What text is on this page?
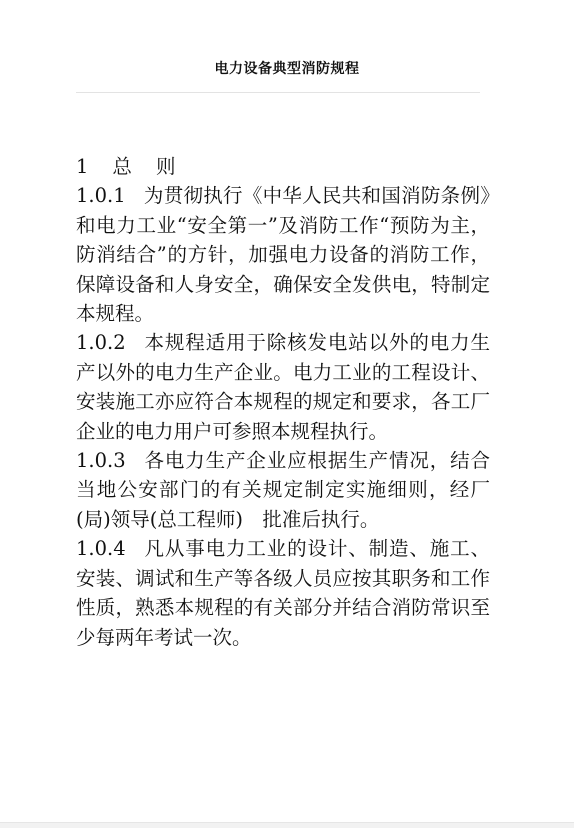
电力设备典型消防规程

1 总 则

1.0.1 为贯彻执行《中华人民共和国消防条例》和电力工业“安全第一”及消防工作“预防为主，防消结合”的方针，加强电力设备的消防工作，保障设备和人身安全，确保安全发供电，特制定本规程。

1.0.2 本规程适用于除核发电站以外的电力生产以外的电力生产企业。电力工业的工程设计、安装施工亦应符合本规程的规定和要求，各工厂企业的电力用户可参照本规程执行。

1.0.3 各电力生产企业应根据生产情况，结合当地公安部门的有关规定制定实施细则，经厂(局)领导(总工程师)　批准后执行。

1.0.4 凡从事电力工业的设计、制造、施工、安装、调试和生产等各级人员应按其职务和工作性质，熟悉本规程的有关部分并结合消防常识至少每两年考试一次。
